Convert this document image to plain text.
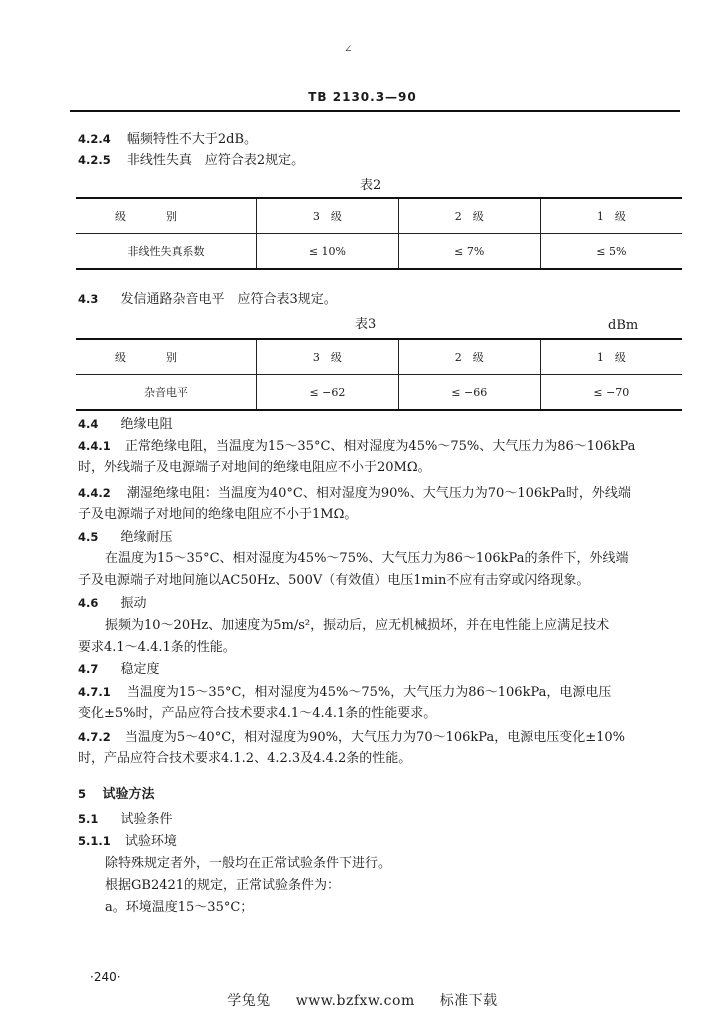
∠
TB 2130.3—90
4.2.4 幅频特性不大于2dB。
4.2.5 非线性失真　应符合表2规定。
表2
级别	3　级	2　级	1　级
非线性失真系数	≤ 10%	≤ 7%	≤ 5%
4.3 发信通路杂音电平　应符合表3规定。
表3	dBm
级别	3　级	2　级	1　级
杂音电平	≤ −62	≤ −66	≤ −70
4.4 绝缘电阻
4.4.1 正常绝缘电阻，当温度为15～35°C、相对湿度为45%～75%、大气压力为86～106kPa
时，外线端子及电源端子对地间的绝缘电阻应不小于20MΩ。
4.4.2 潮湿绝缘电阻：当温度为40°C、相对湿度为90%、大气压力为70～106kPa时，外线端
子及电源端子对地间的绝缘电阻应不小于1MΩ。
4.5 绝缘耐压
在温度为15～35°C、相对湿度为45%～75%、大气压力为86～106kPa的条件下，外线端
子及电源端子对地间施以AC50Hz、500V（有效值）电压1min不应有击穿或闪络现象。
4.6 振动
振频为10～20Hz、加速度为5m/s²，振动后，应无机械损坏，并在电性能上应满足技术
要求4.1～4.4.1条的性能。
4.7 稳定度
4.7.1 当温度为15～35°C，相对湿度为45%～75%，大气压力为86～106kPa，电源电压
变化±5%时，产品应符合技术要求4.1～4.4.1条的性能要求。
4.7.2 当温度为5～40°C，相对湿度为90%，大气压力为70～106kPa，电源电压变化±10%
时，产品应符合技术要求4.1.2、4.2.3及4.4.2条的性能。
5 试验方法
5.1 试验条件
5.1.1 试验环境
除特殊规定者外，一般均在正常试验条件下进行。
根据GB2421的规定，正常试验条件为：
a。环境温度15～35°C；
·240·
学兔兔 www.bzfxw.com 标准下载
